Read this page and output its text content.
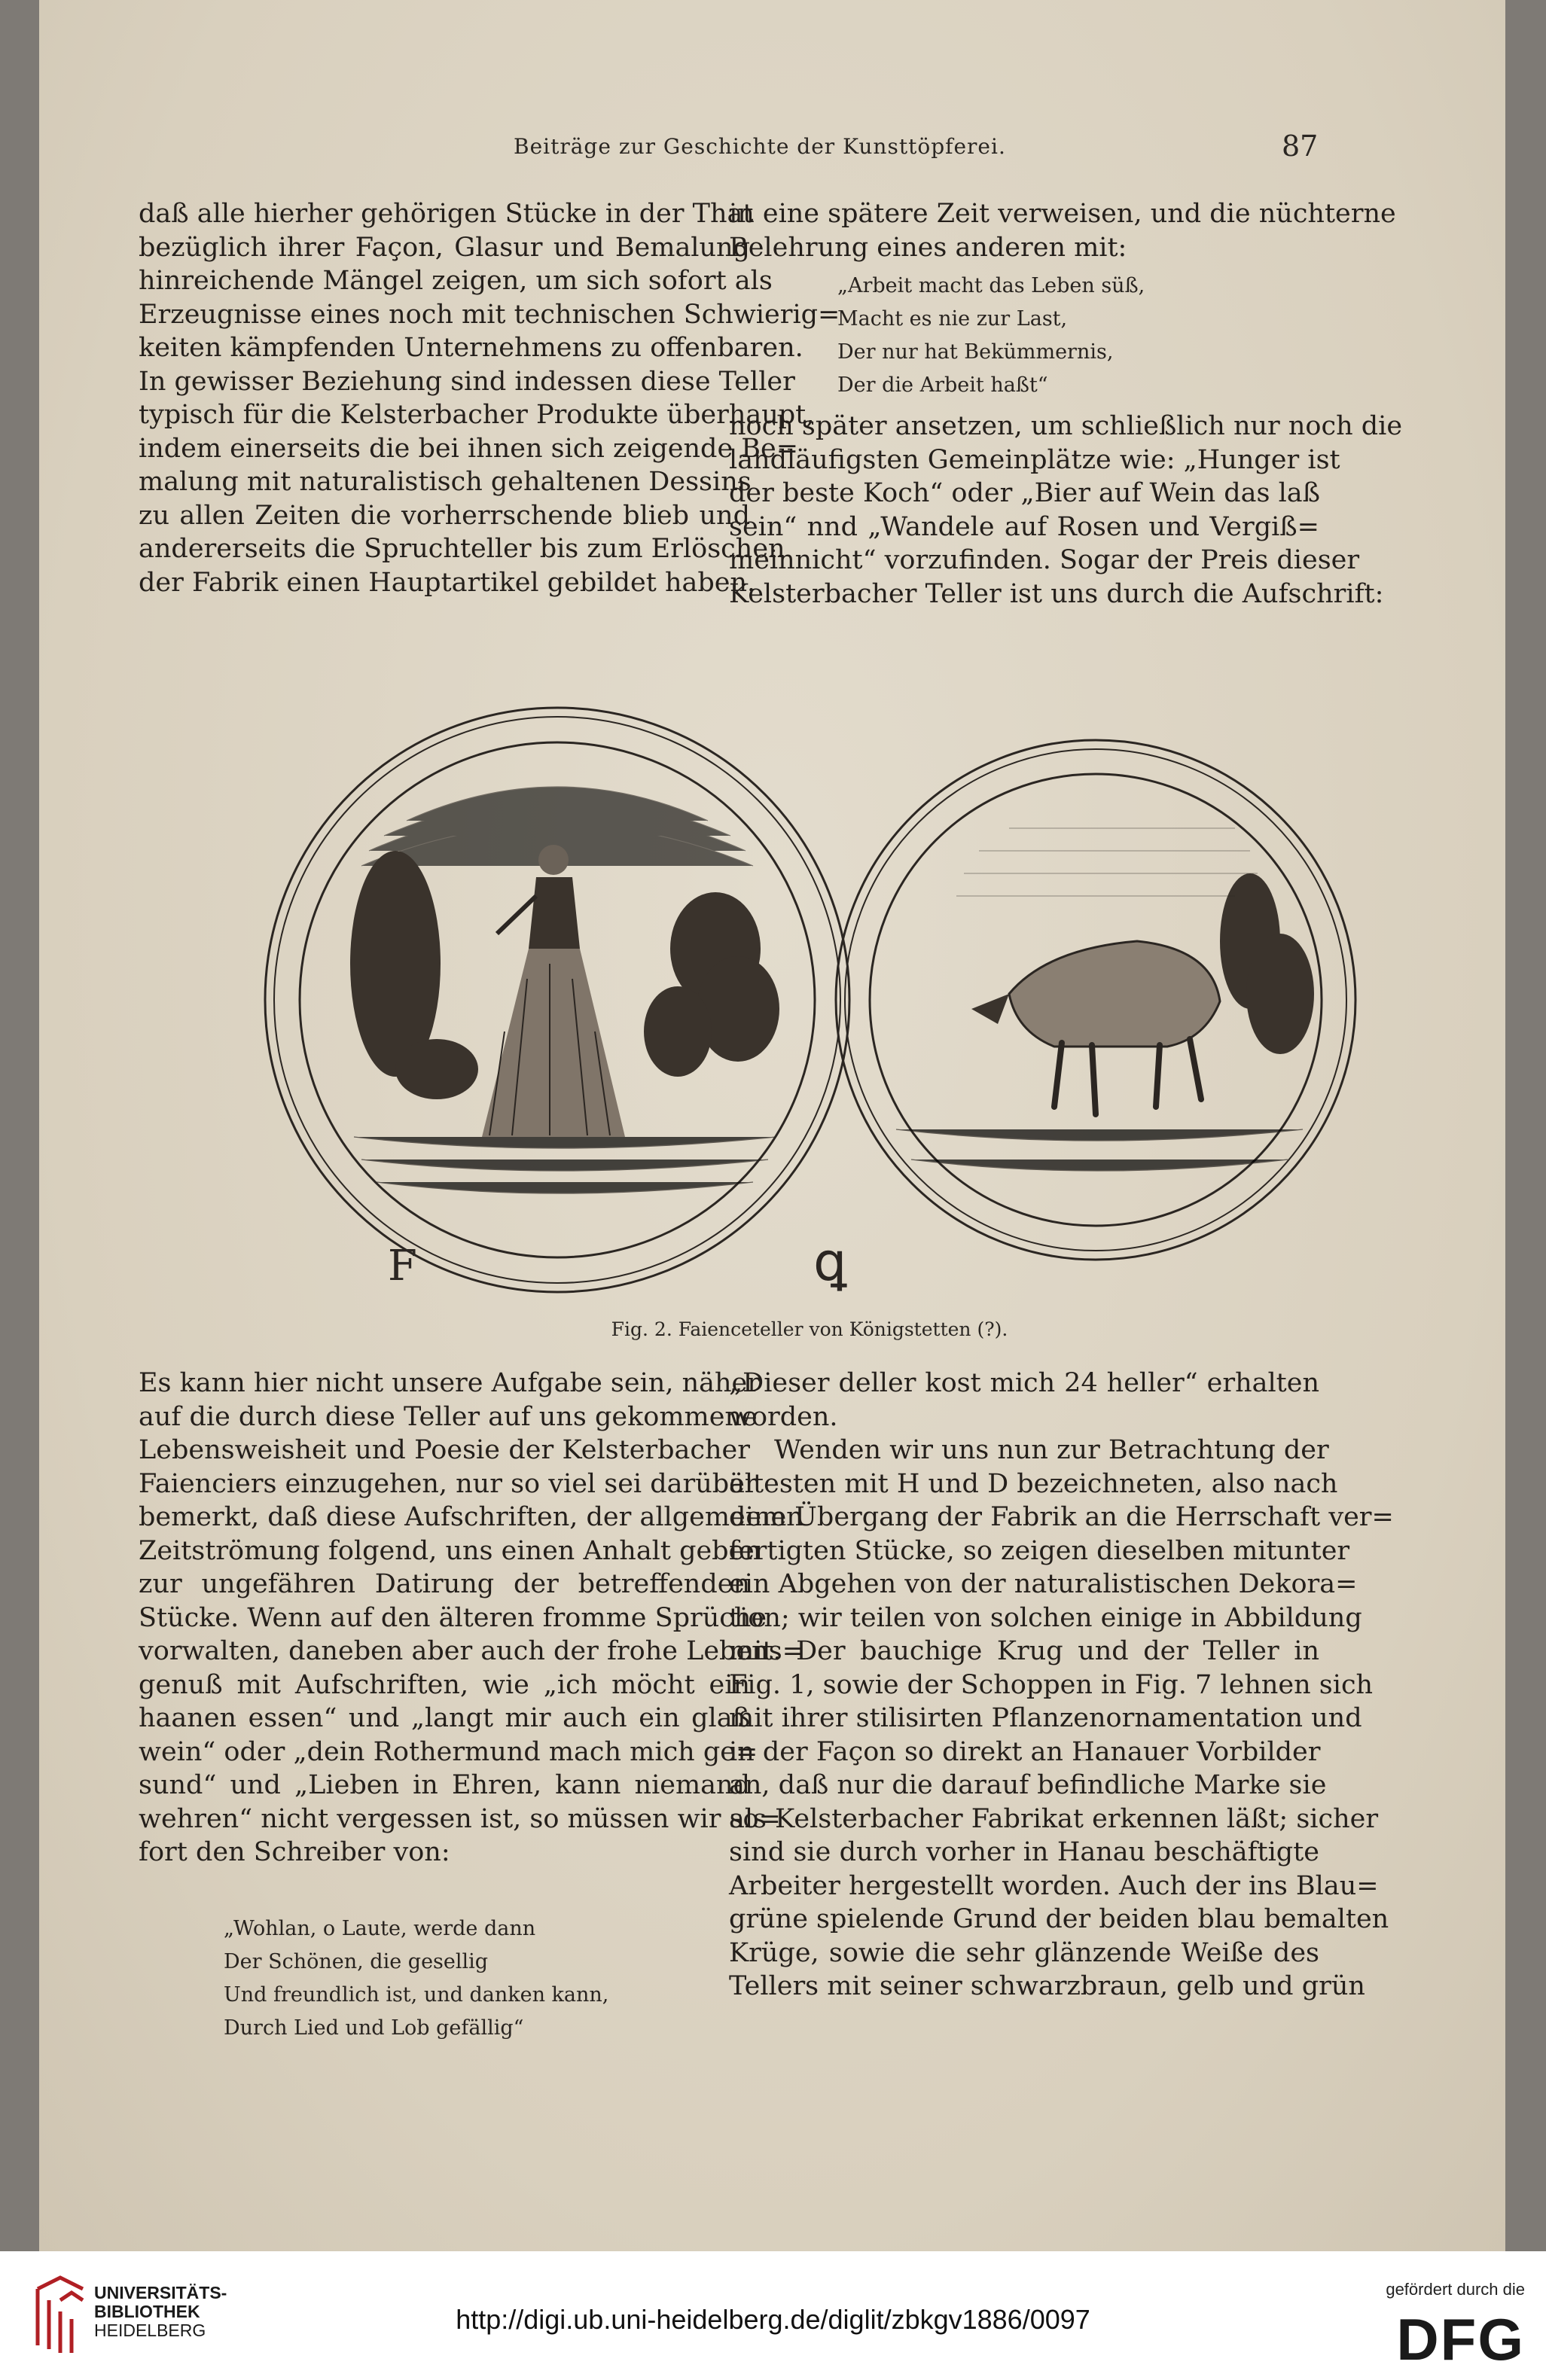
Beiträge zur Geschichte der Kunsttöpferei.	87
daß alle hierher gehörigen Stücke in der That
bezüglich ihrer Façon, Glasur und Bemalung
hinreichende Mängel zeigen, um sich sofort als
Erzeugnisse eines noch mit technischen Schwierig=
keiten kämpfenden Unternehmens zu offenbaren.
In gewisser Beziehung sind indessen diese Teller
typisch für die Kelsterbacher Produkte überhaupt,
indem einerseits die bei ihnen sich zeigende Be=
malung mit naturalistisch gehaltenen Dessins
zu allen Zeiten die vorherrschende blieb und
andererseits die Spruchteller bis zum Erlöschen
der Fabrik einen Hauptartikel gebildet haben.
in eine spätere Zeit verweisen, und die nüchterne
Belehrung eines anderen mit:
„Arbeit macht das Leben süß,
Macht es nie zur Last,
Der nur hat Bekümmernis,
Der die Arbeit haßt“
noch später ansetzen, um schließlich nur noch die
landläufigsten Gemeinplätze wie: „Hunger ist
der beste Koch“ oder „Bier auf Wein das laß
sein“ nnd „Wandele auf Rosen und Vergiß=
meinnicht“ vorzufinden. Sogar der Preis dieser
Kelsterbacher Teller ist uns durch die Aufschrift:
F	ꝗ
Fig. 2. Faienceteller von Königstetten (?).
Es kann hier nicht unsere Aufgabe sein, näher
auf die durch diese Teller auf uns gekommene
Lebensweisheit und Poesie der Kelsterbacher
Faienciers einzugehen, nur so viel sei darüber
bemerkt, daß diese Aufschriften, der allgemeinen
Zeitströmung folgend, uns einen Anhalt geben
zur ungefähren Datirung der betreffenden
Stücke. Wenn auf den älteren fromme Sprüche
vorwalten, daneben aber auch der frohe Lebens=
genuß mit Aufschriften, wie „ich möcht ein
haanen essen“ und „langt mir auch ein glaß
wein“ oder „dein Rothermund mach mich ge=
sund“ und „Lieben in Ehren, kann niemand
wehren“ nicht vergessen ist, so müssen wir so=
fort den Schreiber von:
„Wohlan, o Laute, werde dann
Der Schönen, die gesellig
Und freundlich ist, und danken kann,
Durch Lied und Lob gefällig“
„Dieser deller kost mich 24 heller“ erhalten
worden.
Wenden wir uns nun zur Betrachtung der
ältesten mit H und D bezeichneten, also nach
dem Übergang der Fabrik an die Herrschaft ver=
fertigten Stücke, so zeigen dieselben mitunter
ein Abgehen von der naturalistischen Dekora=
tion; wir teilen von solchen einige in Abbildung
mit. Der bauchige Krug und der Teller in
Fig. 1, sowie der Schoppen in Fig. 7 lehnen sich
mit ihrer stilisirten Pflanzenornamentation und
in der Façon so direkt an Hanauer Vorbilder
an, daß nur die darauf befindliche Marke sie
als Kelsterbacher Fabrikat erkennen läßt; sicher
sind sie durch vorher in Hanau beschäftigte
Arbeiter hergestellt worden. Auch der ins Blau=
grüne spielende Grund der beiden blau bemalten
Krüge, sowie die sehr glänzende Weiße des
Tellers mit seiner schwarzbraun, gelb und grün
UNIVERSITÄTS-
BIBLIOTHEK
HEIDELBERG	http://digi.ub.uni-heidelberg.de/diglit/zbkgv1886/0097
gefördert durch die
DFG
